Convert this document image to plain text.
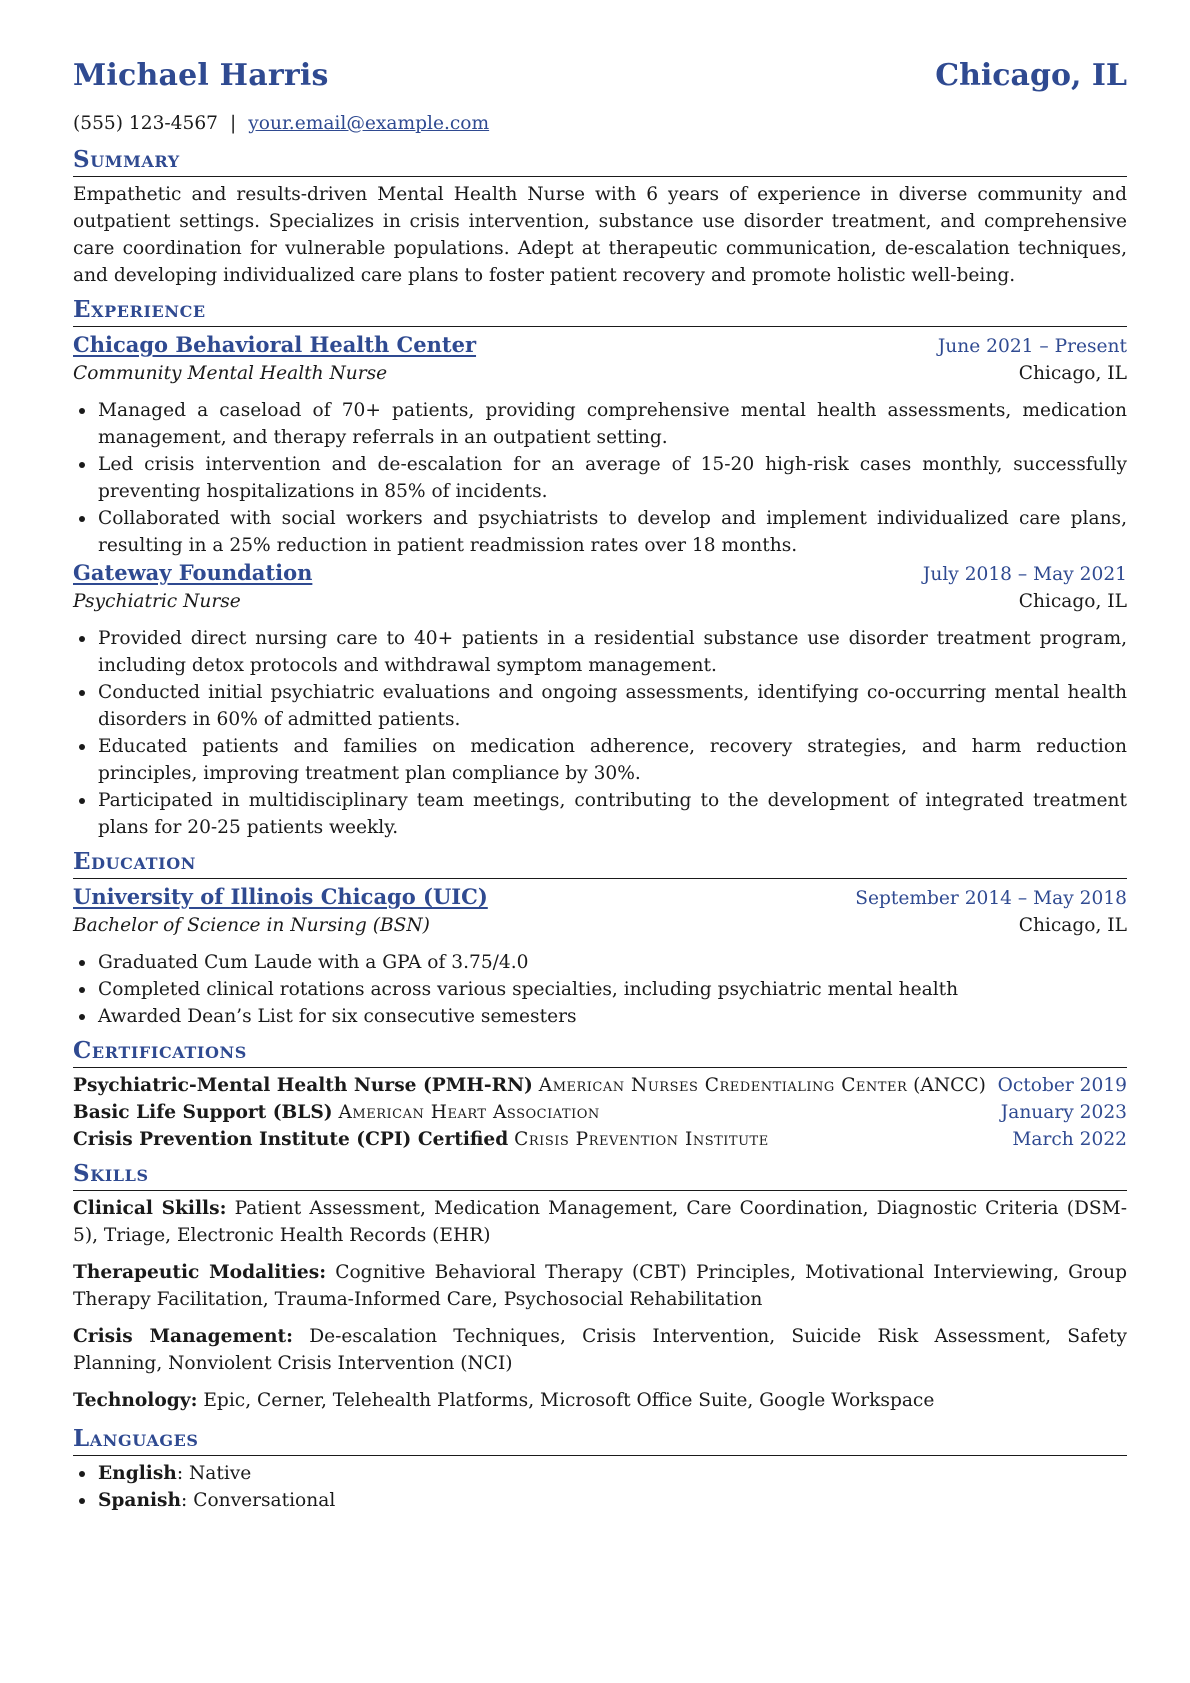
Michael Harris	Chicago, IL
(555) 123-4567 | your.email@example.com
Summary

Empathetic and results-driven Mental Health Nurse with 6 years of experience in diverse community and outpatient settings. Specializes in crisis intervention, substance use disorder treatment, and comprehensive care coordination for vulnerable populations. Adept at therapeutic communication, de-escalation techniques, and developing individualized care plans to foster patient recovery and promote holistic well-being.

Experience
Chicago Behavioral Health Center	June 2021 – Present
Community Mental Health Nurse	Chicago, IL
Managed a caseload of 70+ patients, providing comprehensive mental health assessments, medication management, and therapy referrals in an outpatient setting.
Led crisis intervention and de-escalation for an average of 15-20 high-risk cases monthly, successfully preventing hospitalizations in 85% of incidents.
Collaborated with social workers and psychiatrists to develop and implement individualized care plans, resulting in a 25% reduction in patient readmission rates over 18 months.
Gateway Foundation	July 2018 – May 2021
Psychiatric Nurse	Chicago, IL
Provided direct nursing care to 40+ patients in a residential substance use disorder treatment program, including detox protocols and withdrawal symptom management.
Conducted initial psychiatric evaluations and ongoing assessments, identifying co-occurring mental health disorders in 60% of admitted patients.
Educated patients and families on medication adherence, recovery strategies, and harm reduction principles, improving treatment plan compliance by 30%.
Participated in multidisciplinary team meetings, contributing to the development of integrated treatment plans for 20-25 patients weekly.
Education
University of Illinois Chicago (UIC)	September 2014 – May 2018
Bachelor of Science in Nursing (BSN)	Chicago, IL
Graduated Cum Laude with a GPA of 3.75/4.0
Completed clinical rotations across various specialties, including psychiatric mental health
Awarded Dean’s List for six consecutive semesters
Certifications
Psychiatric-Mental Health Nurse (PMH-RN) American Nurses Credentialing Center (ANCC) October 2019
Basic Life Support (BLS) American Heart Association	January 2023
Crisis Prevention Institute (CPI) Certified Crisis Prevention Institute	March 2022
Skills
Clinical Skills: Patient Assessment, Medication Management, Care Coordination, Diagnostic Criteria (DSM-5), Triage, Electronic Health Records (EHR)
Therapeutic Modalities: Cognitive Behavioral Therapy (CBT) Principles, Motivational Interviewing, Group Therapy Facilitation, Trauma-Informed Care, Psychosocial Rehabilitation
Crisis Management: De-escalation Techniques, Crisis Intervention, Suicide Risk Assessment, Safety Planning, Nonviolent Crisis Intervention (NCI)
Technology: Epic, Cerner, Telehealth Platforms, Microsoft Office Suite, Google Workspace
Languages
English: Native
Spanish: Conversational
